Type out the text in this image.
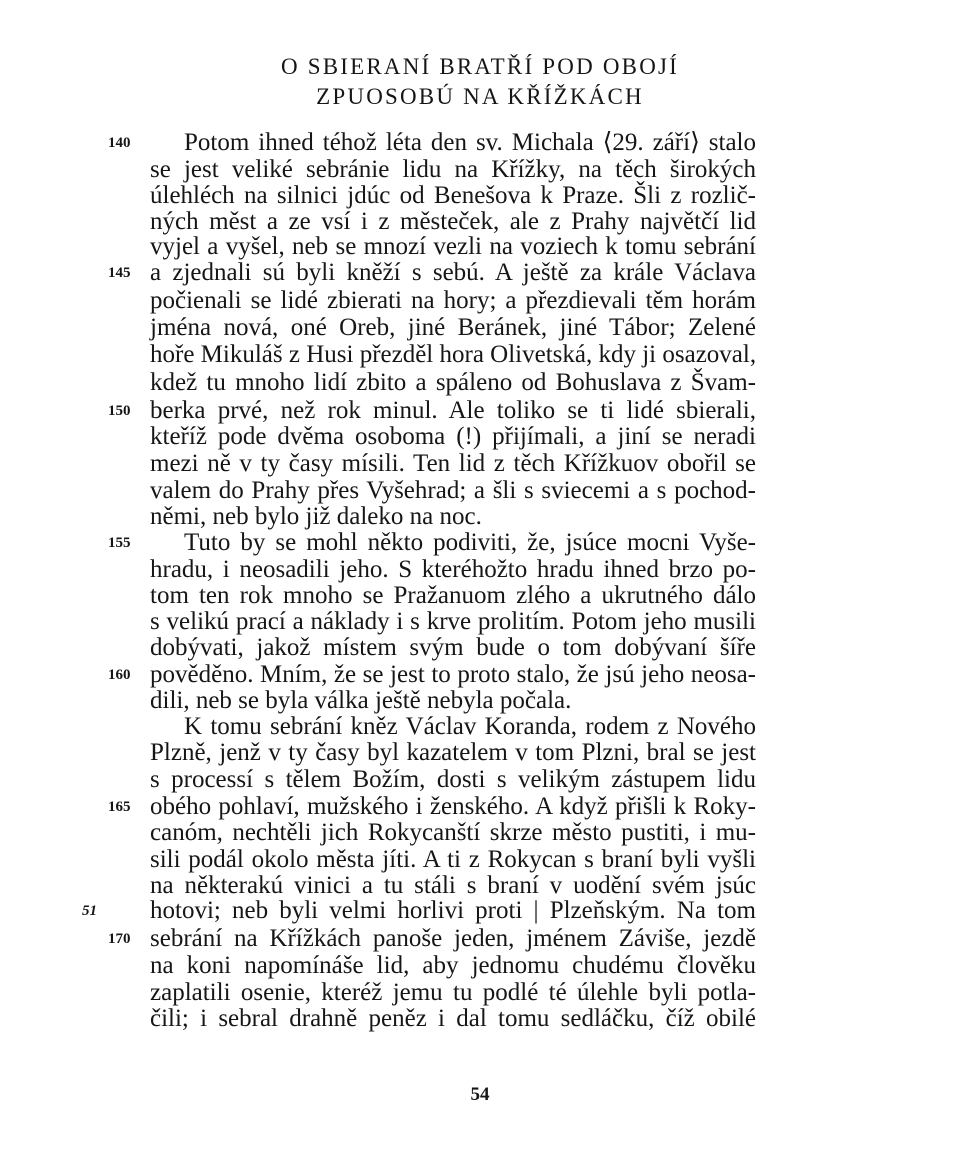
O SBIERANÍ BRATŘÍ POD OBOJÍ
ZPUOSOBÚ NA KŘÍŽKÁCH
140
145
150
155
160
165
170
51
Potom ihned téhož léta den sv. Michala ⟨29. září⟩ stalo
se jest veliké sebránie lidu na Křížky, na těch širokých
úlehléch na silnici jdúc od Benešova k Praze. Šli z rozlič-
ných měst a ze vsí i z městeček, ale z Prahy najvětčí lid
vyjel a vyšel, neb se mnozí vezli na voziech k tomu sebrání
a zjednali sú byli kněží s sebú. A ještě za krále Václava
počienali se lidé zbierati na hory; a přezdievali těm horám
jména nová, oné Oreb, jiné Beránek, jiné Tábor; Zelené
hoře Mikuláš z Husi přezděl hora Olivetská, kdy ji osazoval,
kdež tu mnoho lidí zbito a spáleno od Bohuslava z Švam-
berka prvé, než rok minul. Ale toliko se ti lidé sbierali,
kteříž pode dvěma osoboma (!) přijímali, a jiní se neradi
mezi ně v ty časy mísili. Ten lid z těch Křížkuov obořil se
valem do Prahy přes Vyšehrad; a šli s sviecemi a s pochod-
němi, neb bylo již daleko na noc.
Tuto by se mohl někto podiviti, že, jsúce mocni Vyše-
hradu, i neosadili jeho. S kteréhožto hradu ihned brzo po-
tom ten rok mnoho se Pražanuom zlého a ukrutného dálo
s velikú prací a náklady i s krve prolitím. Potom jeho musili
dobývati, jakož místem svým bude o tom dobývaní šíře
pověděno. Mním, že se jest to proto stalo, že jsú jeho neosa-
dili, neb se byla válka ještě nebyla počala.
K tomu sebrání kněz Václav Koranda, rodem z Nového
Plzně, jenž v ty časy byl kazatelem v tom Plzni, bral se jest
s processí s tělem Božím, dosti s velikým zástupem lidu
obého pohlaví, mužského i ženského. A když přišli k Roky-
canóm, nechtěli jich Rokycanští skrze město pustiti, i mu-
sili podál okolo města jíti. A ti z Rokycan s braní byli vyšli
na některakú vinici a tu stáli s braní v uodění svém jsúc
hotovi; neb byli velmi horlivi proti | Plzeňským. Na tom
sebrání na Křížkách panoše jeden, jménem Záviše, jezdě
na koni napomínáše lid, aby jednomu chudému člověku
zaplatili osenie, kteréž jemu tu podlé té úlehle byli potla-
čili; i sebral drahně peněz i dal tomu sedláčku, číž obilé
54
